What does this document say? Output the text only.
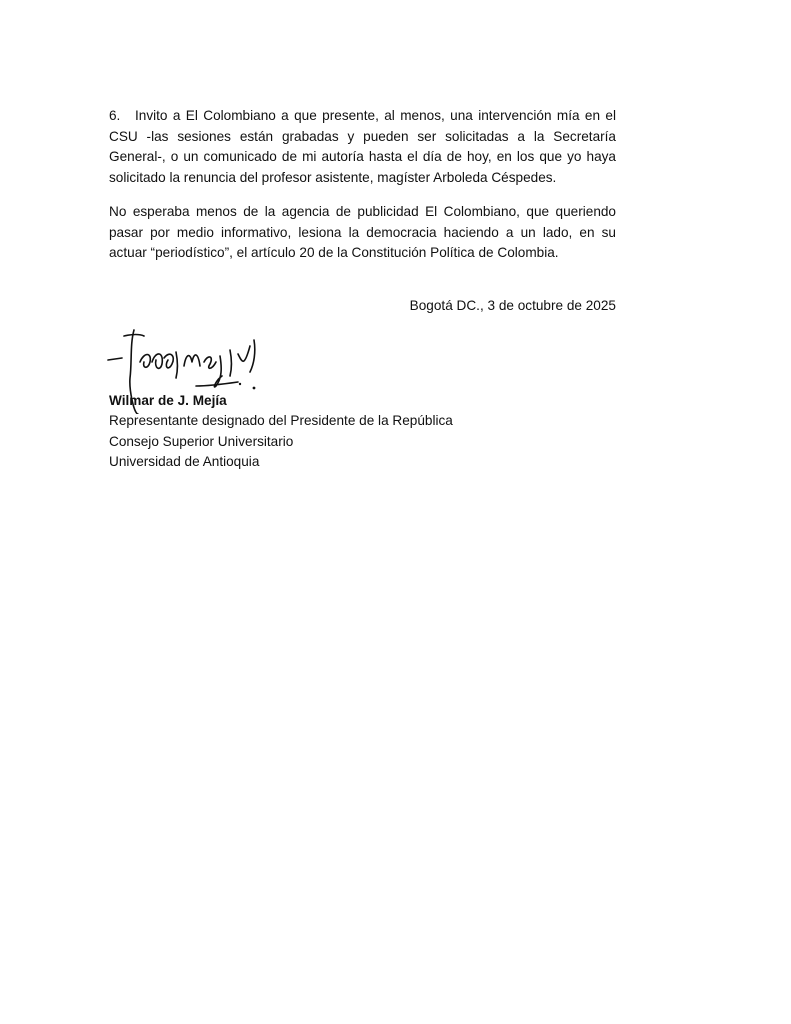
6. Invito a El Colombiano a que presente, al menos, una intervención mía en el CSU -las sesiones están grabadas y pueden ser solicitadas a la Secretaría General-, o un comunicado de mi autoría hasta el día de hoy, en los que yo haya solicitado la renuncia del profesor asistente, magíster Arboleda Céspedes.

No esperaba menos de la agencia de publicidad El Colombiano, que queriendo pasar por medio informativo, lesiona la democracia haciendo a un lado, en su actuar “periodístico”, el artículo 20 de la Constitución Política de Colombia.

Bogotá DC., 3 de octubre de 2025
Wilmar de J. Mejía
Representante designado del Presidente de la República
Consejo Superior Universitario
Universidad de Antioquia
